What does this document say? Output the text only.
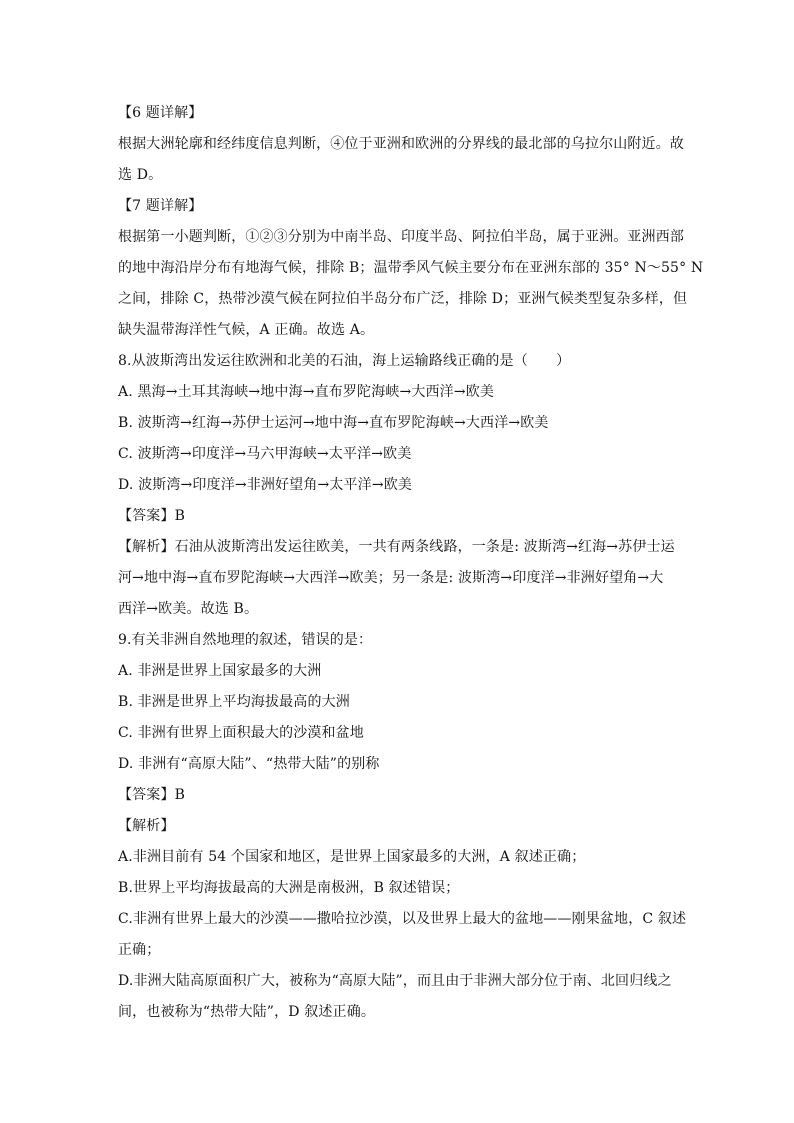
【6 题详解】
根据大洲轮廓和经纬度信息判断，④位于亚洲和欧洲的分界线的最北部的乌拉尔山附近。故
选 D。
【7 题详解】
根据第一小题判断，①②③分别为中南半岛、印度半岛、阿拉伯半岛，属于亚洲。亚洲西部
的地中海沿岸分布有地海气候，排除 B；温带季风气候主要分布在亚洲东部的 35° N～55° N
之间，排除 C，热带沙漠气候在阿拉伯半岛分布广泛，排除 D；亚洲气候类型复杂多样，但
缺失温带海洋性气候，A 正确。故选 A。
8.从波斯湾出发运往欧洲和北美的石油，海上运输路线正确的是（　　）
A. 黑海→土耳其海峡→地中海→直布罗陀海峡→大西洋→欧美
B. 波斯湾→红海→苏伊士运河→地中海→直布罗陀海峡→大西洋→欧美
C. 波斯湾→印度洋→马六甲海峡→太平洋→欧美
D. 波斯湾→印度洋→非洲好望角→太平洋→欧美
【答案】B
【解析】石油从波斯湾出发运往欧美，一共有两条线路，一条是: 波斯湾→红海→苏伊士运
河→地中海→直布罗陀海峡→大西洋→欧美；另一条是: 波斯湾→印度洋→非洲好望角→大
西洋→欧美。故选 B。
9.有关非洲自然地理的叙述，错误的是：
A. 非洲是世界上国家最多的大洲
B. 非洲是世界上平均海拔最高的大洲
C. 非洲有世界上面积最大的沙漠和盆地
D. 非洲有“高原大陆”、“热带大陆”的别称
【答案】B
【解析】
A.非洲目前有 54 个国家和地区，是世界上国家最多的大洲，A 叙述正确；
B.世界上平均海拔最高的大洲是南极洲，B 叙述错误；
C.非洲有世界上最大的沙漠——撒哈拉沙漠，以及世界上最大的盆地——刚果盆地，C 叙述
正确；
D.非洲大陆高原面积广大，被称为“高原大陆”，而且由于非洲大部分位于南、北回归线之
间，也被称为“热带大陆”，D 叙述正确。
